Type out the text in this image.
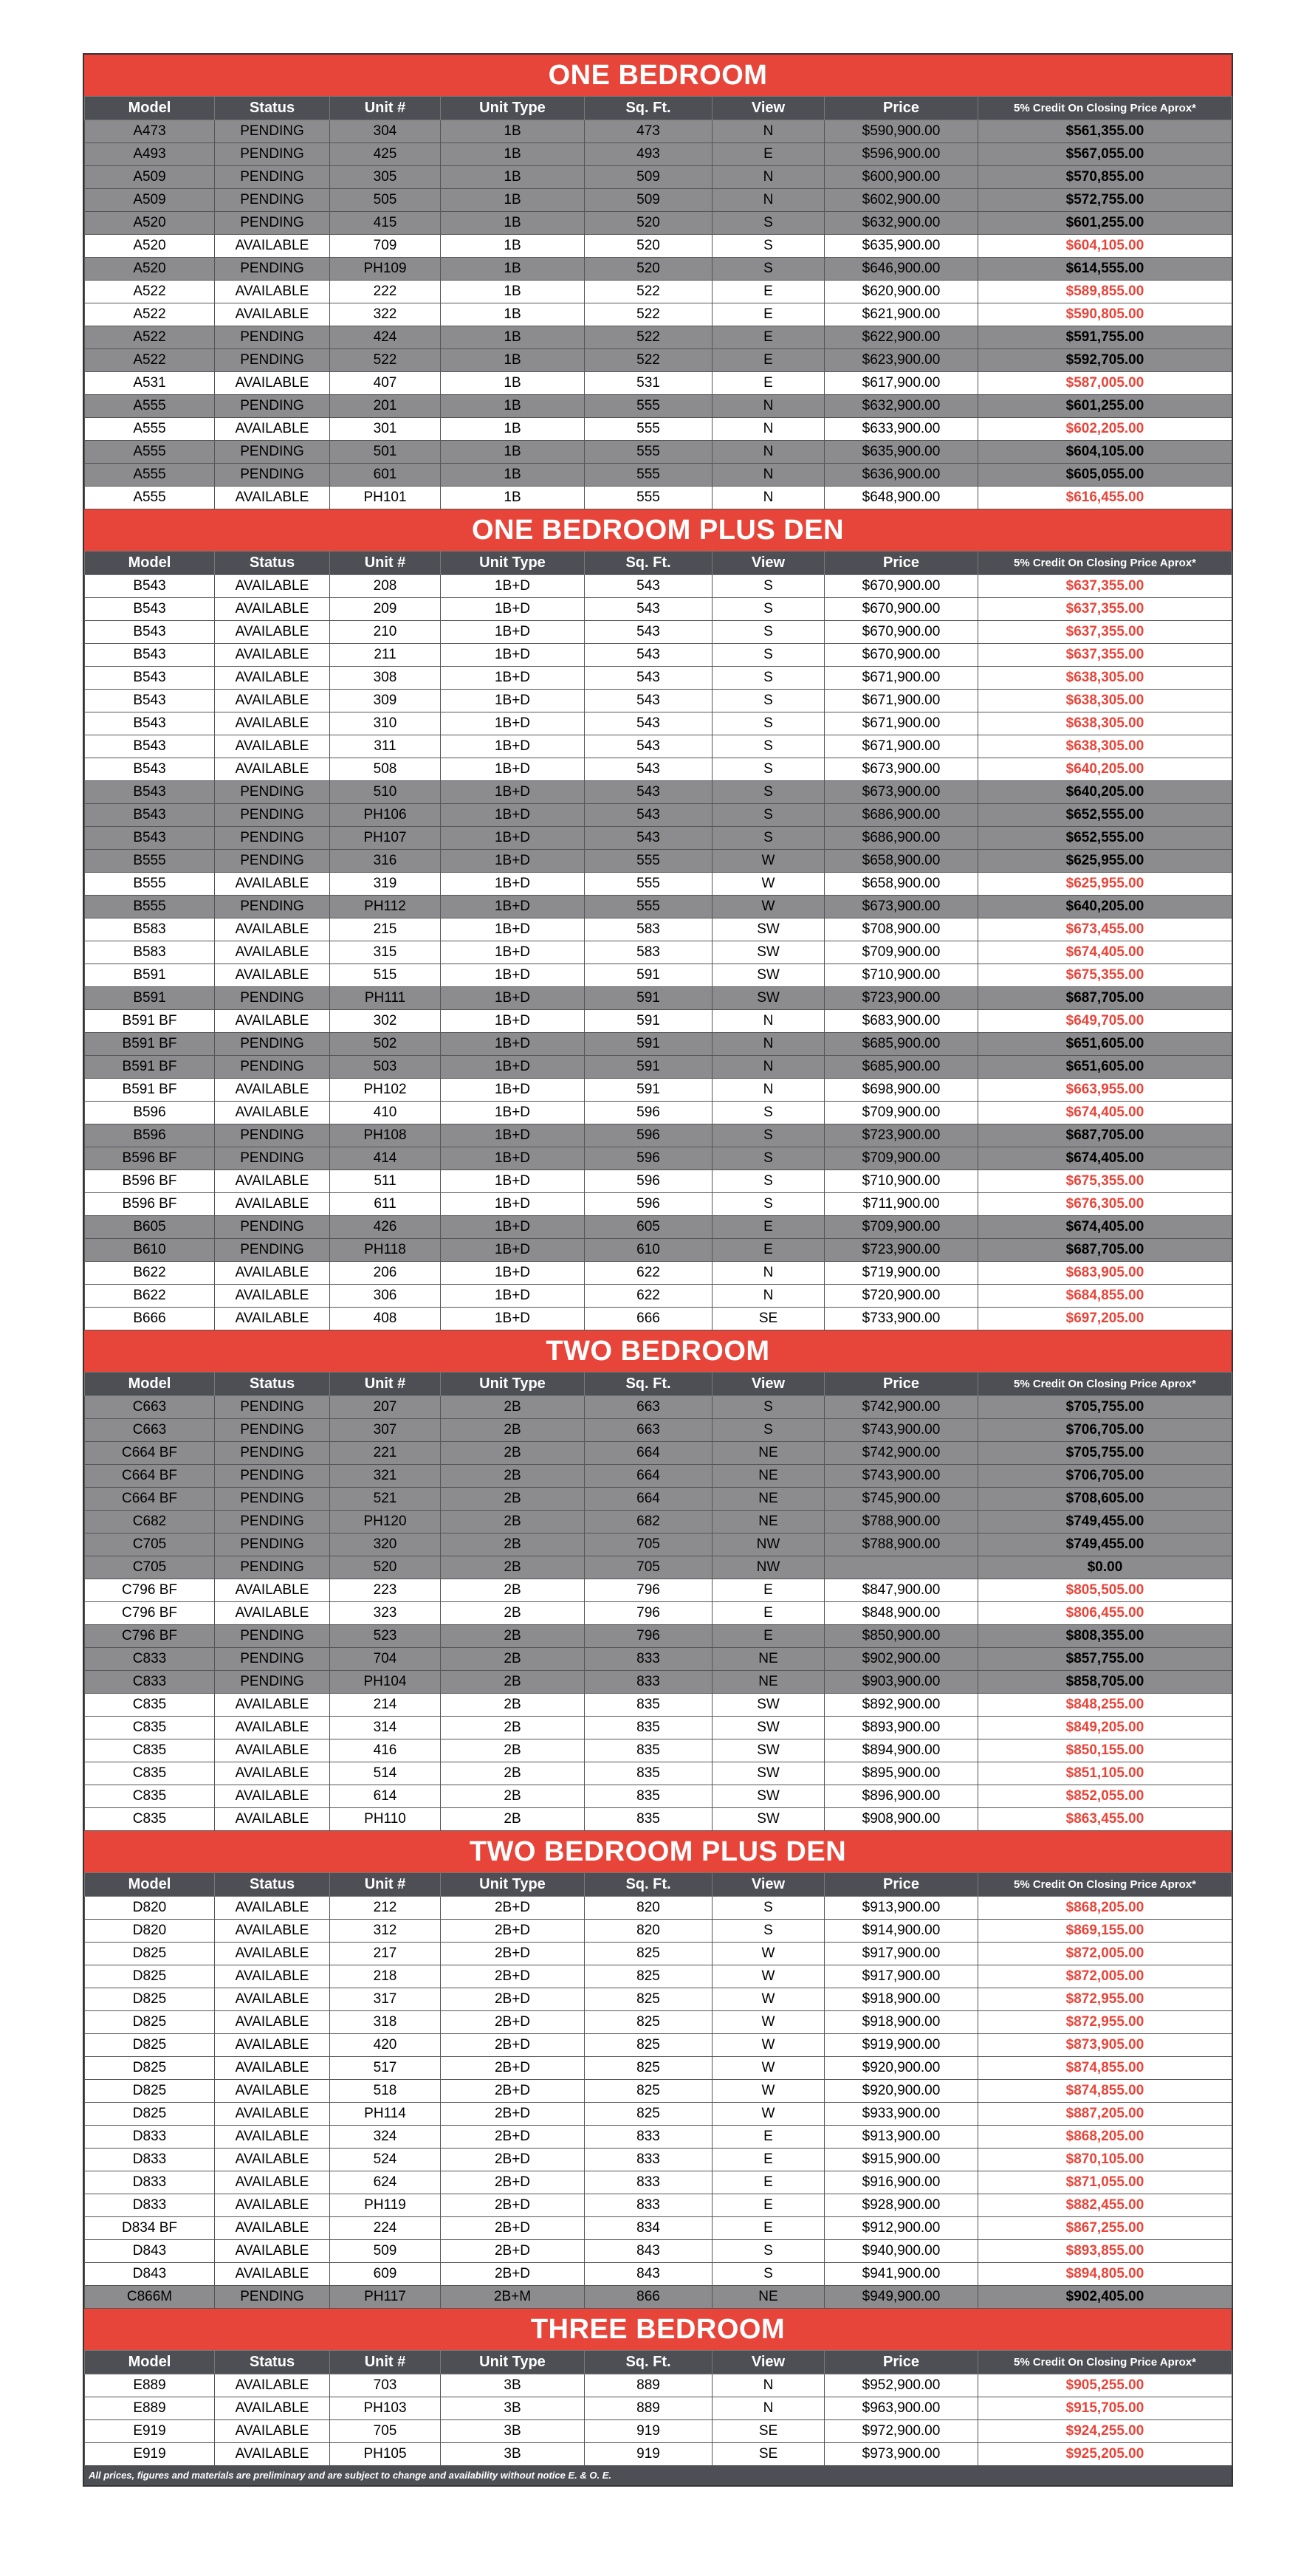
ONE BEDROOM
Model	Status	Unit #	Unit Type	Sq. Ft.	View	Price	5% Credit On Closing Price Aprox*
A473	PENDING	304	1B	473	N	$590,900.00	$561,355.00
A493	PENDING	425	1B	493	E	$596,900.00	$567,055.00
A509	PENDING	305	1B	509	N	$600,900.00	$570,855.00
A509	PENDING	505	1B	509	N	$602,900.00	$572,755.00
A520	PENDING	415	1B	520	S	$632,900.00	$601,255.00
A520	AVAILABLE	709	1B	520	S	$635,900.00	$604,105.00
A520	PENDING	PH109	1B	520	S	$646,900.00	$614,555.00
A522	AVAILABLE	222	1B	522	E	$620,900.00	$589,855.00
A522	AVAILABLE	322	1B	522	E	$621,900.00	$590,805.00
A522	PENDING	424	1B	522	E	$622,900.00	$591,755.00
A522	PENDING	522	1B	522	E	$623,900.00	$592,705.00
A531	AVAILABLE	407	1B	531	E	$617,900.00	$587,005.00
A555	PENDING	201	1B	555	N	$632,900.00	$601,255.00
A555	AVAILABLE	301	1B	555	N	$633,900.00	$602,205.00
A555	PENDING	501	1B	555	N	$635,900.00	$604,105.00
A555	PENDING	601	1B	555	N	$636,900.00	$605,055.00
A555	AVAILABLE	PH101	1B	555	N	$648,900.00	$616,455.00
ONE BEDROOM PLUS DEN
Model	Status	Unit #	Unit Type	Sq. Ft.	View	Price	5% Credit On Closing Price Aprox*
B543	AVAILABLE	208	1B+D	543	S	$670,900.00	$637,355.00
B543	AVAILABLE	209	1B+D	543	S	$670,900.00	$637,355.00
B543	AVAILABLE	210	1B+D	543	S	$670,900.00	$637,355.00
B543	AVAILABLE	211	1B+D	543	S	$670,900.00	$637,355.00
B543	AVAILABLE	308	1B+D	543	S	$671,900.00	$638,305.00
B543	AVAILABLE	309	1B+D	543	S	$671,900.00	$638,305.00
B543	AVAILABLE	310	1B+D	543	S	$671,900.00	$638,305.00
B543	AVAILABLE	311	1B+D	543	S	$671,900.00	$638,305.00
B543	AVAILABLE	508	1B+D	543	S	$673,900.00	$640,205.00
B543	PENDING	510	1B+D	543	S	$673,900.00	$640,205.00
B543	PENDING	PH106	1B+D	543	S	$686,900.00	$652,555.00
B543	PENDING	PH107	1B+D	543	S	$686,900.00	$652,555.00
B555	PENDING	316	1B+D	555	W	$658,900.00	$625,955.00
B555	AVAILABLE	319	1B+D	555	W	$658,900.00	$625,955.00
B555	PENDING	PH112	1B+D	555	W	$673,900.00	$640,205.00
B583	AVAILABLE	215	1B+D	583	SW	$708,900.00	$673,455.00
B583	AVAILABLE	315	1B+D	583	SW	$709,900.00	$674,405.00
B591	AVAILABLE	515	1B+D	591	SW	$710,900.00	$675,355.00
B591	PENDING	PH111	1B+D	591	SW	$723,900.00	$687,705.00
B591 BF	AVAILABLE	302	1B+D	591	N	$683,900.00	$649,705.00
B591 BF	PENDING	502	1B+D	591	N	$685,900.00	$651,605.00
B591 BF	PENDING	503	1B+D	591	N	$685,900.00	$651,605.00
B591 BF	AVAILABLE	PH102	1B+D	591	N	$698,900.00	$663,955.00
B596	AVAILABLE	410	1B+D	596	S	$709,900.00	$674,405.00
B596	PENDING	PH108	1B+D	596	S	$723,900.00	$687,705.00
B596 BF	PENDING	414	1B+D	596	S	$709,900.00	$674,405.00
B596 BF	AVAILABLE	511	1B+D	596	S	$710,900.00	$675,355.00
B596 BF	AVAILABLE	611	1B+D	596	S	$711,900.00	$676,305.00
B605	PENDING	426	1B+D	605	E	$709,900.00	$674,405.00
B610	PENDING	PH118	1B+D	610	E	$723,900.00	$687,705.00
B622	AVAILABLE	206	1B+D	622	N	$719,900.00	$683,905.00
B622	AVAILABLE	306	1B+D	622	N	$720,900.00	$684,855.00
B666	AVAILABLE	408	1B+D	666	SE	$733,900.00	$697,205.00
TWO BEDROOM
Model	Status	Unit #	Unit Type	Sq. Ft.	View	Price	5% Credit On Closing Price Aprox*
C663	PENDING	207	2B	663	S	$742,900.00	$705,755.00
C663	PENDING	307	2B	663	S	$743,900.00	$706,705.00
C664 BF	PENDING	221	2B	664	NE	$742,900.00	$705,755.00
C664 BF	PENDING	321	2B	664	NE	$743,900.00	$706,705.00
C664 BF	PENDING	521	2B	664	NE	$745,900.00	$708,605.00
C682	PENDING	PH120	2B	682	NE	$788,900.00	$749,455.00
C705	PENDING	320	2B	705	NW	$788,900.00	$749,455.00
C705	PENDING	520	2B	705	NW		$0.00
C796 BF	AVAILABLE	223	2B	796	E	$847,900.00	$805,505.00
C796 BF	AVAILABLE	323	2B	796	E	$848,900.00	$806,455.00
C796 BF	PENDING	523	2B	796	E	$850,900.00	$808,355.00
C833	PENDING	704	2B	833	NE	$902,900.00	$857,755.00
C833	PENDING	PH104	2B	833	NE	$903,900.00	$858,705.00
C835	AVAILABLE	214	2B	835	SW	$892,900.00	$848,255.00
C835	AVAILABLE	314	2B	835	SW	$893,900.00	$849,205.00
C835	AVAILABLE	416	2B	835	SW	$894,900.00	$850,155.00
C835	AVAILABLE	514	2B	835	SW	$895,900.00	$851,105.00
C835	AVAILABLE	614	2B	835	SW	$896,900.00	$852,055.00
C835	AVAILABLE	PH110	2B	835	SW	$908,900.00	$863,455.00
TWO BEDROOM PLUS DEN
Model	Status	Unit #	Unit Type	Sq. Ft.	View	Price	5% Credit On Closing Price Aprox*
D820	AVAILABLE	212	2B+D	820	S	$913,900.00	$868,205.00
D820	AVAILABLE	312	2B+D	820	S	$914,900.00	$869,155.00
D825	AVAILABLE	217	2B+D	825	W	$917,900.00	$872,005.00
D825	AVAILABLE	218	2B+D	825	W	$917,900.00	$872,005.00
D825	AVAILABLE	317	2B+D	825	W	$918,900.00	$872,955.00
D825	AVAILABLE	318	2B+D	825	W	$918,900.00	$872,955.00
D825	AVAILABLE	420	2B+D	825	W	$919,900.00	$873,905.00
D825	AVAILABLE	517	2B+D	825	W	$920,900.00	$874,855.00
D825	AVAILABLE	518	2B+D	825	W	$920,900.00	$874,855.00
D825	AVAILABLE	PH114	2B+D	825	W	$933,900.00	$887,205.00
D833	AVAILABLE	324	2B+D	833	E	$913,900.00	$868,205.00
D833	AVAILABLE	524	2B+D	833	E	$915,900.00	$870,105.00
D833	AVAILABLE	624	2B+D	833	E	$916,900.00	$871,055.00
D833	AVAILABLE	PH119	2B+D	833	E	$928,900.00	$882,455.00
D834 BF	AVAILABLE	224	2B+D	834	E	$912,900.00	$867,255.00
D843	AVAILABLE	509	2B+D	843	S	$940,900.00	$893,855.00
D843	AVAILABLE	609	2B+D	843	S	$941,900.00	$894,805.00
C866M	PENDING	PH117	2B+M	866	NE	$949,900.00	$902,405.00
THREE BEDROOM
Model	Status	Unit #	Unit Type	Sq. Ft.	View	Price	5% Credit On Closing Price Aprox*
E889	AVAILABLE	703	3B	889	N	$952,900.00	$905,255.00
E889	AVAILABLE	PH103	3B	889	N	$963,900.00	$915,705.00
E919	AVAILABLE	705	3B	919	SE	$972,900.00	$924,255.00
E919	AVAILABLE	PH105	3B	919	SE	$973,900.00	$925,205.00
All prices, figures and materials are preliminary and are subject to change and availability without notice E. & O. E.
